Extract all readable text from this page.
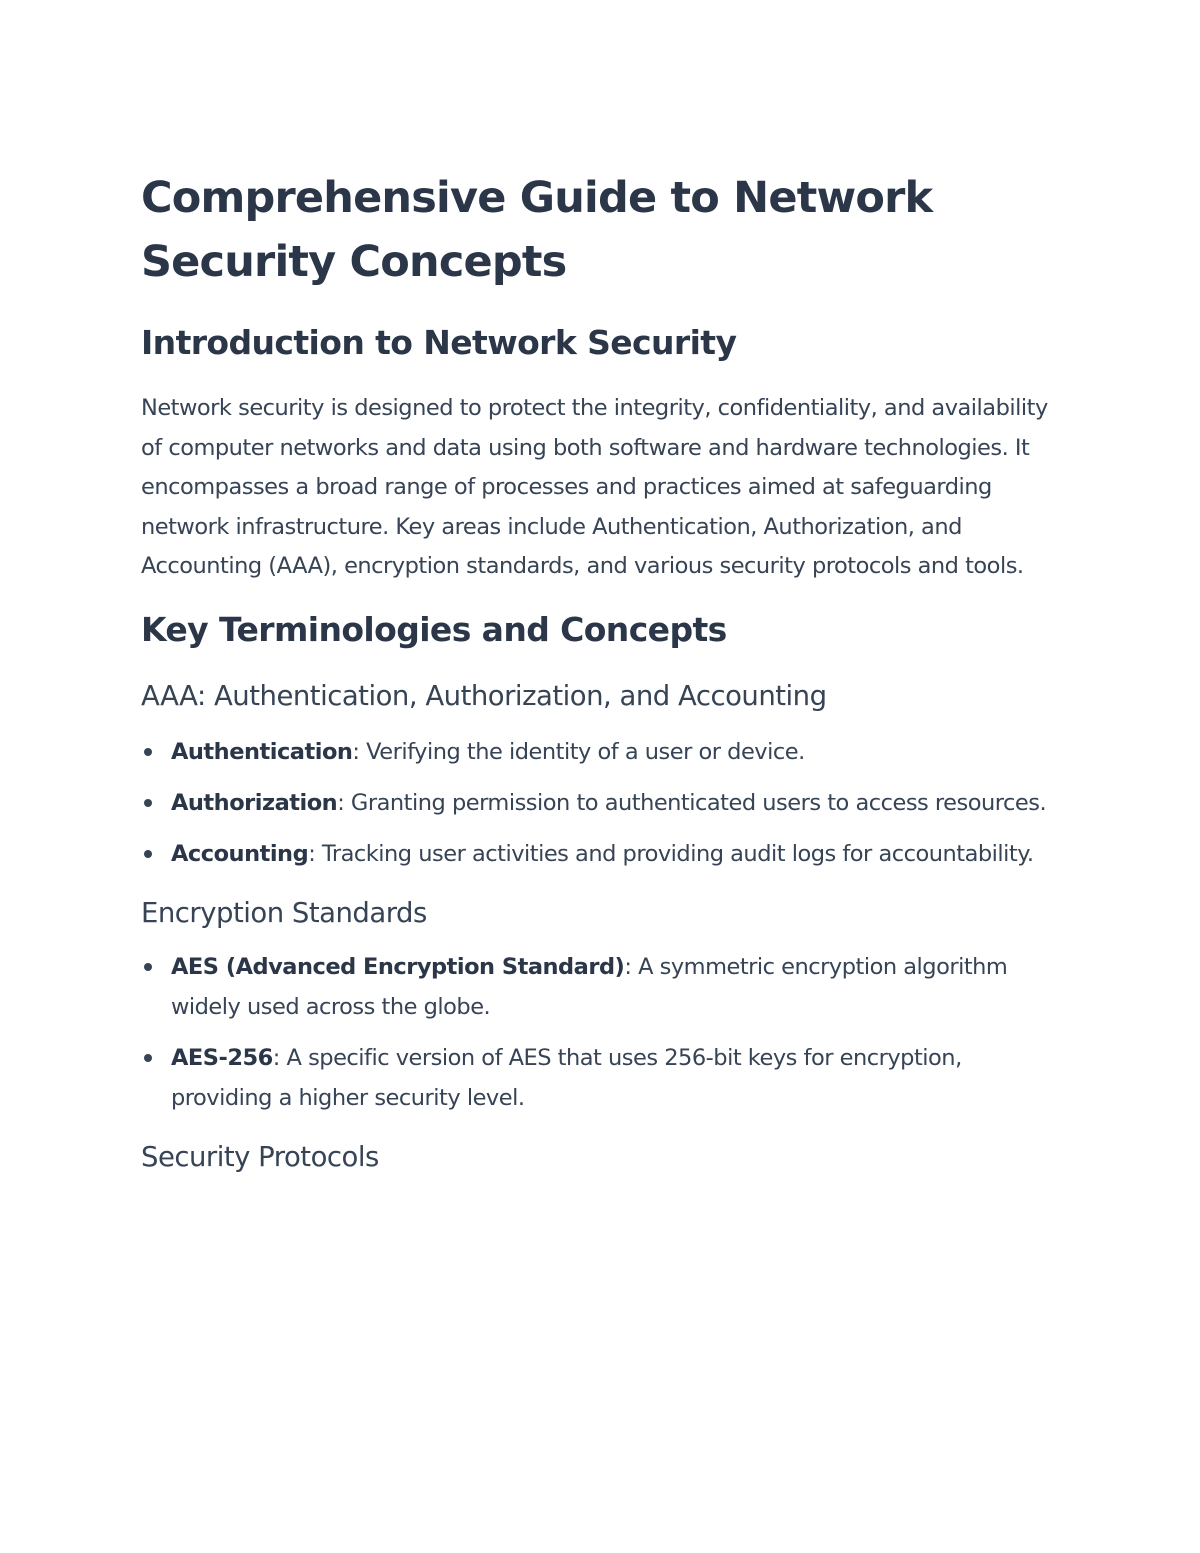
Comprehensive Guide to Network Security Concepts
Introduction to Network Security

Network security is designed to protect the integrity, confidentiality, and availability of computer networks and data using both software and hardware technologies. It encompasses a broad range of processes and practices aimed at safeguarding network infrastructure. Key areas include Authentication, Authorization, and Accounting (AAA), encryption standards, and various security protocols and tools.

Key Terminologies and Concepts
AAA: Authentication, Authorization, and Accounting
Authentication: Verifying the identity of a user or device.
Authorization: Granting permission to authenticated users to access resources.
Accounting: Tracking user activities and providing audit logs for accountability.
Encryption Standards
AES (Advanced Encryption Standard): A symmetric encryption algorithm widely used across the globe.
AES-256: A specific version of AES that uses 256-bit keys for encryption, providing a higher security level.
Security Protocols
